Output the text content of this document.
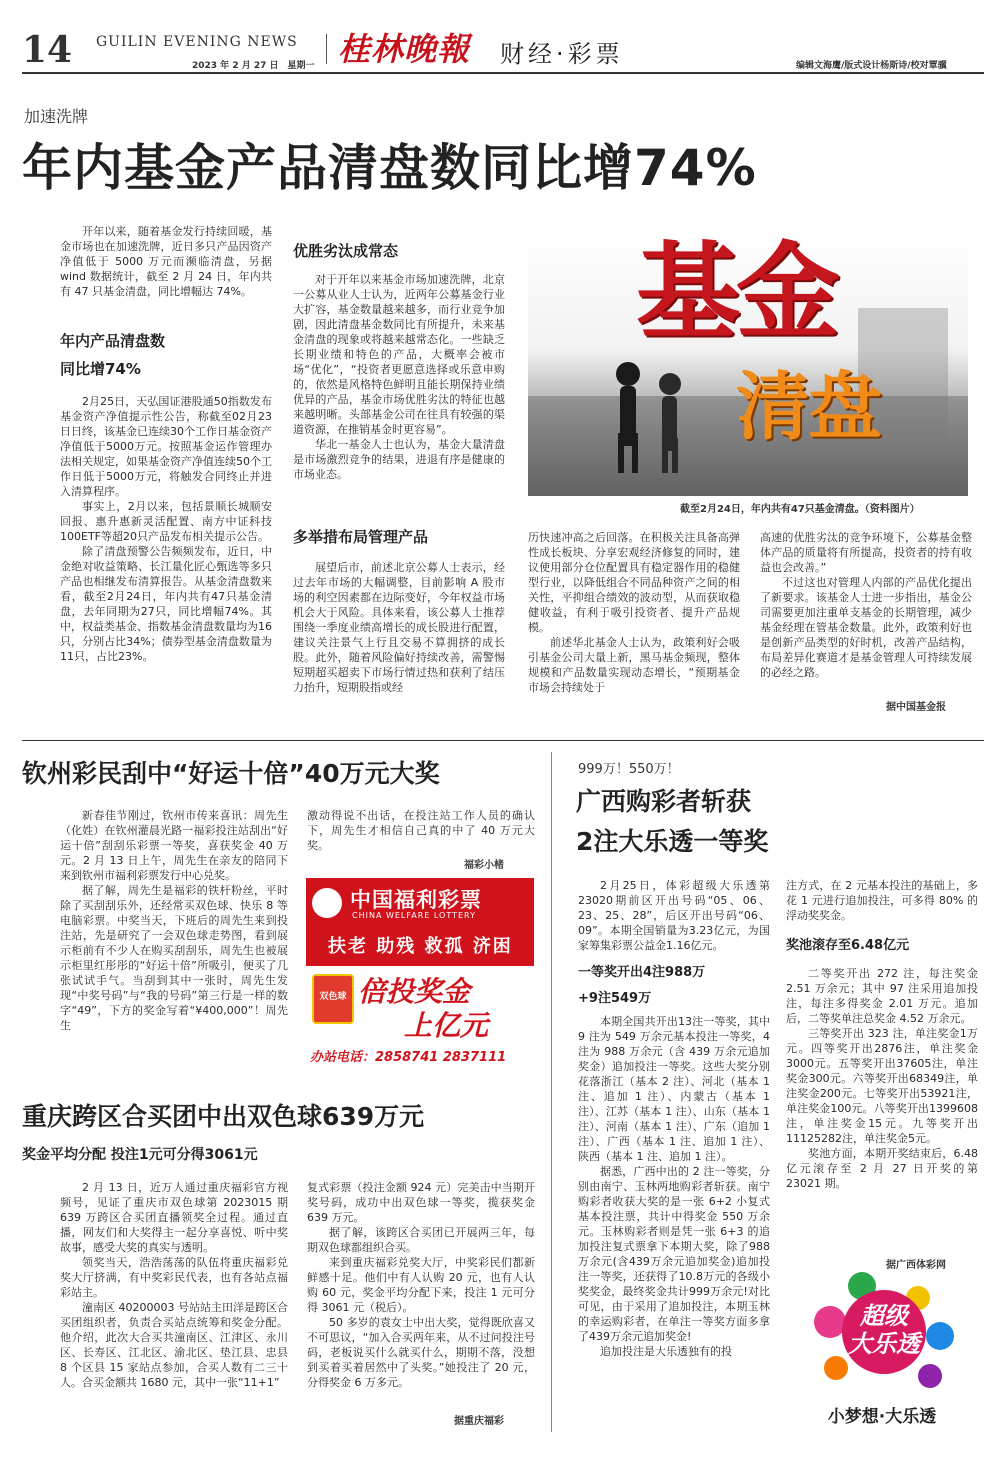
14 GUILIN EVENING NEWS
2023 年 2 月 27 日　星期一 桂林晚報 财经·彩票	编辑文海鹰/版式设计杨斯诗/校对覃骥
加速洗牌
年内基金产品清盘数同比增74%

开年以来，随着基金发行持续回暖，基金市场也在加速洗牌，近日多只产品因资产净值低于 5000 万元而濒临清盘，另据 wind 数据统计，截至 2 月 24 日，年内共有 47 只基金清盘，同比增幅达 74%。

年内产品清盘数
同比增74%

2月25日，天弘国证港股通50指数发布基金资产净值提示性公告，称截至02月23日日终，该基金已连续30个工作日基金资产净值低于5000万元。按照基金运作管理办法相关规定，如果基金资产净值连续50个工作日低于5000万元，将触发合同终止并进入清算程序。

事实上，2月以来，包括景顺长城顺安回报、惠升惠新灵活配置、南方中证科技100ETF等超20只产品发布相关提示公告。

除了清盘预警公告频频发布，近日，中金绝对收益策略、长江量化匠心甄选等多只产品也相继发布清算报告。从基金清盘数来看，截至2月24日，年内共有47只基金清盘，去年同期为27只，同比增幅74%。其中，权益类基金、指数基金清盘数量均为16只，分别占比34%；债券型基金清盘数量为11只，占比23%。

优胜劣汰成常态

对于开年以来基金市场加速洗牌，北京一公募从业人士认为，近两年公募基金行业大扩容，基金数量越来越多，而行业竞争加剧，因此清盘基金数同比有所提升，未来基金清盘的现象或将越来越常态化。一些缺乏长期业绩和特色的产品，大概率会被市场“优化”，“投资者更愿意选择或乐意申购的，依然是风格特色鲜明且能长期保持业绩优异的产品，基金市场优胜劣汰的特征也越来越明晰。头部基金公司在往具有较强的渠道资源，在推销基金时更容易”。

华北一基金人士也认为，基金大量清盘是市场激烈竞争的结果，进退有序是健康的市场业态。

多举措布局管理产品

展望后市，前述北京公募人士表示，经过去年市场的大幅调整，目前影响 A 股市场的利空因素都在边际变好，今年权益市场机会大于风险。具体来看，该公募人士推荐围绕一季度业绩高增长的成长股进行配置，建议关注景气上行且交易不算拥挤的成长股。此外，随着风险偏好持续改善，需警惕短期超买超卖下市场行情过热和获利了结压力抬升，短期股指或经

基金
清盘
截至2月24日，年内共有47只基金清盘。（资料图片）

历快速冲高之后回落。在积极关注具备高弹性成长板块、分享宏观经济修复的同时，建议使用部分仓位配置具有稳定器作用的稳健型行业，以降低组合不同品种资产之间的相关性，平抑组合绩效的波动型，从而获取稳健收益，有利于吸引投资者、提升产品规模。

前述华北基金人士认为，政策利好会吸引基金公司大量上新，黑马基金频现，整体规模和产品数量实现动态增长，“预期基金市场会持续处于

高速的优胜劣汰的竞争环境下，公募基金整体产品的质量将有所提高，投资者的持有收益也会改善。”

不过这也对管理人内部的产品优化提出了新要求。该基金人士进一步指出，基金公司需要更加注重单支基金的长期管理，减少基金经理在管基金数量。此外，政策利好也是创新产品类型的好时机，改善产品结构，布局差异化赛道才是基金管理人可持续发展的必经之路。

据中国基金报
钦州彩民刮中“好运十倍”40万元大奖

新春佳节刚过，钦州市传来喜讯：周先生（化姓）在钦州灌晨光路一福彩投注站刮出“好运十倍”刮刮乐彩票一等奖，喜获奖金 40 万元。2 月 13 日上午，周先生在亲友的陪同下来到钦州市福利彩票发行中心兑奖。

据了解，周先生是福彩的铁杆粉丝，平时除了买刮刮乐外，还经常买双色球、快乐 8 等电脑彩票。中奖当天，下班后的周先生来到投注站，先是研究了一会双色球走势图，看到展示柜前有不少人在购买刮刮乐，周先生也被展示柜里红彤彤的“好运十倍”所吸引，便买了几张试试手气。当刮到其中一张时，周先生发现“中奖号码”与“我的号码”第三行是一样的数字“49”，下方的奖金写着“¥400,000”！周先生

激动得说不出话，在投注站工作人员的确认下，周先生才相信自己真的中了 40 万元大奖。

福彩小楮
中国福利彩票
CHINA WELFARE LOTTERY
扶老 助残 救孤 济困
双色球 倍投奖金
上亿元
办站电话：2858741 2837111
重庆跨区合买团中出双色球639万元
奖金平均分配 投注1元可分得3061元

2 月 13 日，近万人通过重庆福彩官方视频号，见证了重庆市双色球第 2023015 期 639 万跨区合买团直播领奖全过程。通过直播，网友们和大奖得主一起分享喜悦、听中奖故事，感受大奖的真实与透明。

领奖当天，浩浩荡荡的队伍将重庆福彩兑奖大厅挤满，有中奖彩民代表，也有各站点福彩站主。

潼南区 40200003 号站站主田洋是跨区合买团组织者，负责合买站点统筹和奖金分配。他介绍，此次大合买共潼南区、江津区、永川区、长寿区、江北区、渝北区、垫江县、忠县 8 个区县 15 家站点参加，合买人数有二三十人。合买金额共 1680 元，其中一张“11+1”

复式彩票（投注金额 924 元）完美击中当期开奖号码，成功中出双色球一等奖，揽获奖金 639 万元。

据了解，该跨区合买团已开展两三年，每期双色球都组织合买。

来到重庆福彩兑奖大厅，中奖彩民们都新鲜感十足。他们中有人认购 20 元，也有人认购 60 元，奖金平均分配下来，投注 1 元可分得 3061 元（税后）。

50 多岁的袁女士中出大奖，觉得既欣喜又不可思议，“加入合买两年来，从不过问投注号码，老板说买什么就买什么，期期不落，没想到买着买着居然中了头奖。”她投注了 20 元，分得奖金 6 万多元。

据重庆福彩
999万！550万！
广西购彩者斩获
2注大乐透一等奖

2月25日，体彩超级大乐透第23020期前区开出号码“05、06、23、25、28”，后区开出号码“06、09”。本期全国销量为3.23亿元，为国家筹集彩票公益金1.16亿元。

一等奖开出4注988万
+9注549万

本期全国共开出13注一等奖，其中 9 注为 549 万余元基本投注一等奖，4 注为 988 万余元（含 439 万余元追加奖金）追加投注一等奖。这些大奖分别花落浙江（基本 2 注）、河北（基本 1 注、追加 1 注）、内蒙古（基本 1 注）、江苏（基本 1 注）、山东（基本 1 注）、河南（基本 1 注）、广东（追加 1 注）、广西（基本 1 注、追加 1 注）、陕西（基本 1 注、追加 1 注）。

据悉，广西中出的 2 注一等奖，分别由南宁、玉林两地购彩者斩获。南宁购彩者收获大奖的是一张 6+2 小复式基本投注票，共计中得奖金 550 万余元。玉林购彩者则是凭一张 6+3 的追加投注复式票拿下本期大奖，除了988万余元(含439万余元追加奖金)追加投注一等奖，还获得了10.8万元的各级小奖奖金，最终奖金共计999万余元!对比可见，由于采用了追加投注，本期玉林的幸运购彩者，在单注一等奖方面多拿了439万余元追加奖金!

追加投注是大乐透独有的投

注方式，在 2 元基本投注的基础上，多花 1 元进行追加投注，可多得 80% 的浮动奖奖金。

奖池滚存至6.48亿元

二等奖开出 272 注，每注奖金 2.51 万余元；其中 97 注采用追加投注，每注多得奖金 2.01 万元。追加后，二等奖单注总奖金 4.52 万余元。

三等奖开出 323 注，单注奖金1万元。四等奖开出2876注，单注奖金3000元。五等奖开出37605注，单注奖金300元。六等奖开出68349注，单注奖金200元。七等奖开出53921注，单注奖金100元。八等奖开出1399608注，单注奖金15元。九等奖开出11125282注，单注奖金5元。

奖池方面，本期开奖结束后，6.48 亿元滚存至 2 月 27 日开奖的第 23021 期。

据广西体彩网
超级
大乐透
小梦想·大乐透
